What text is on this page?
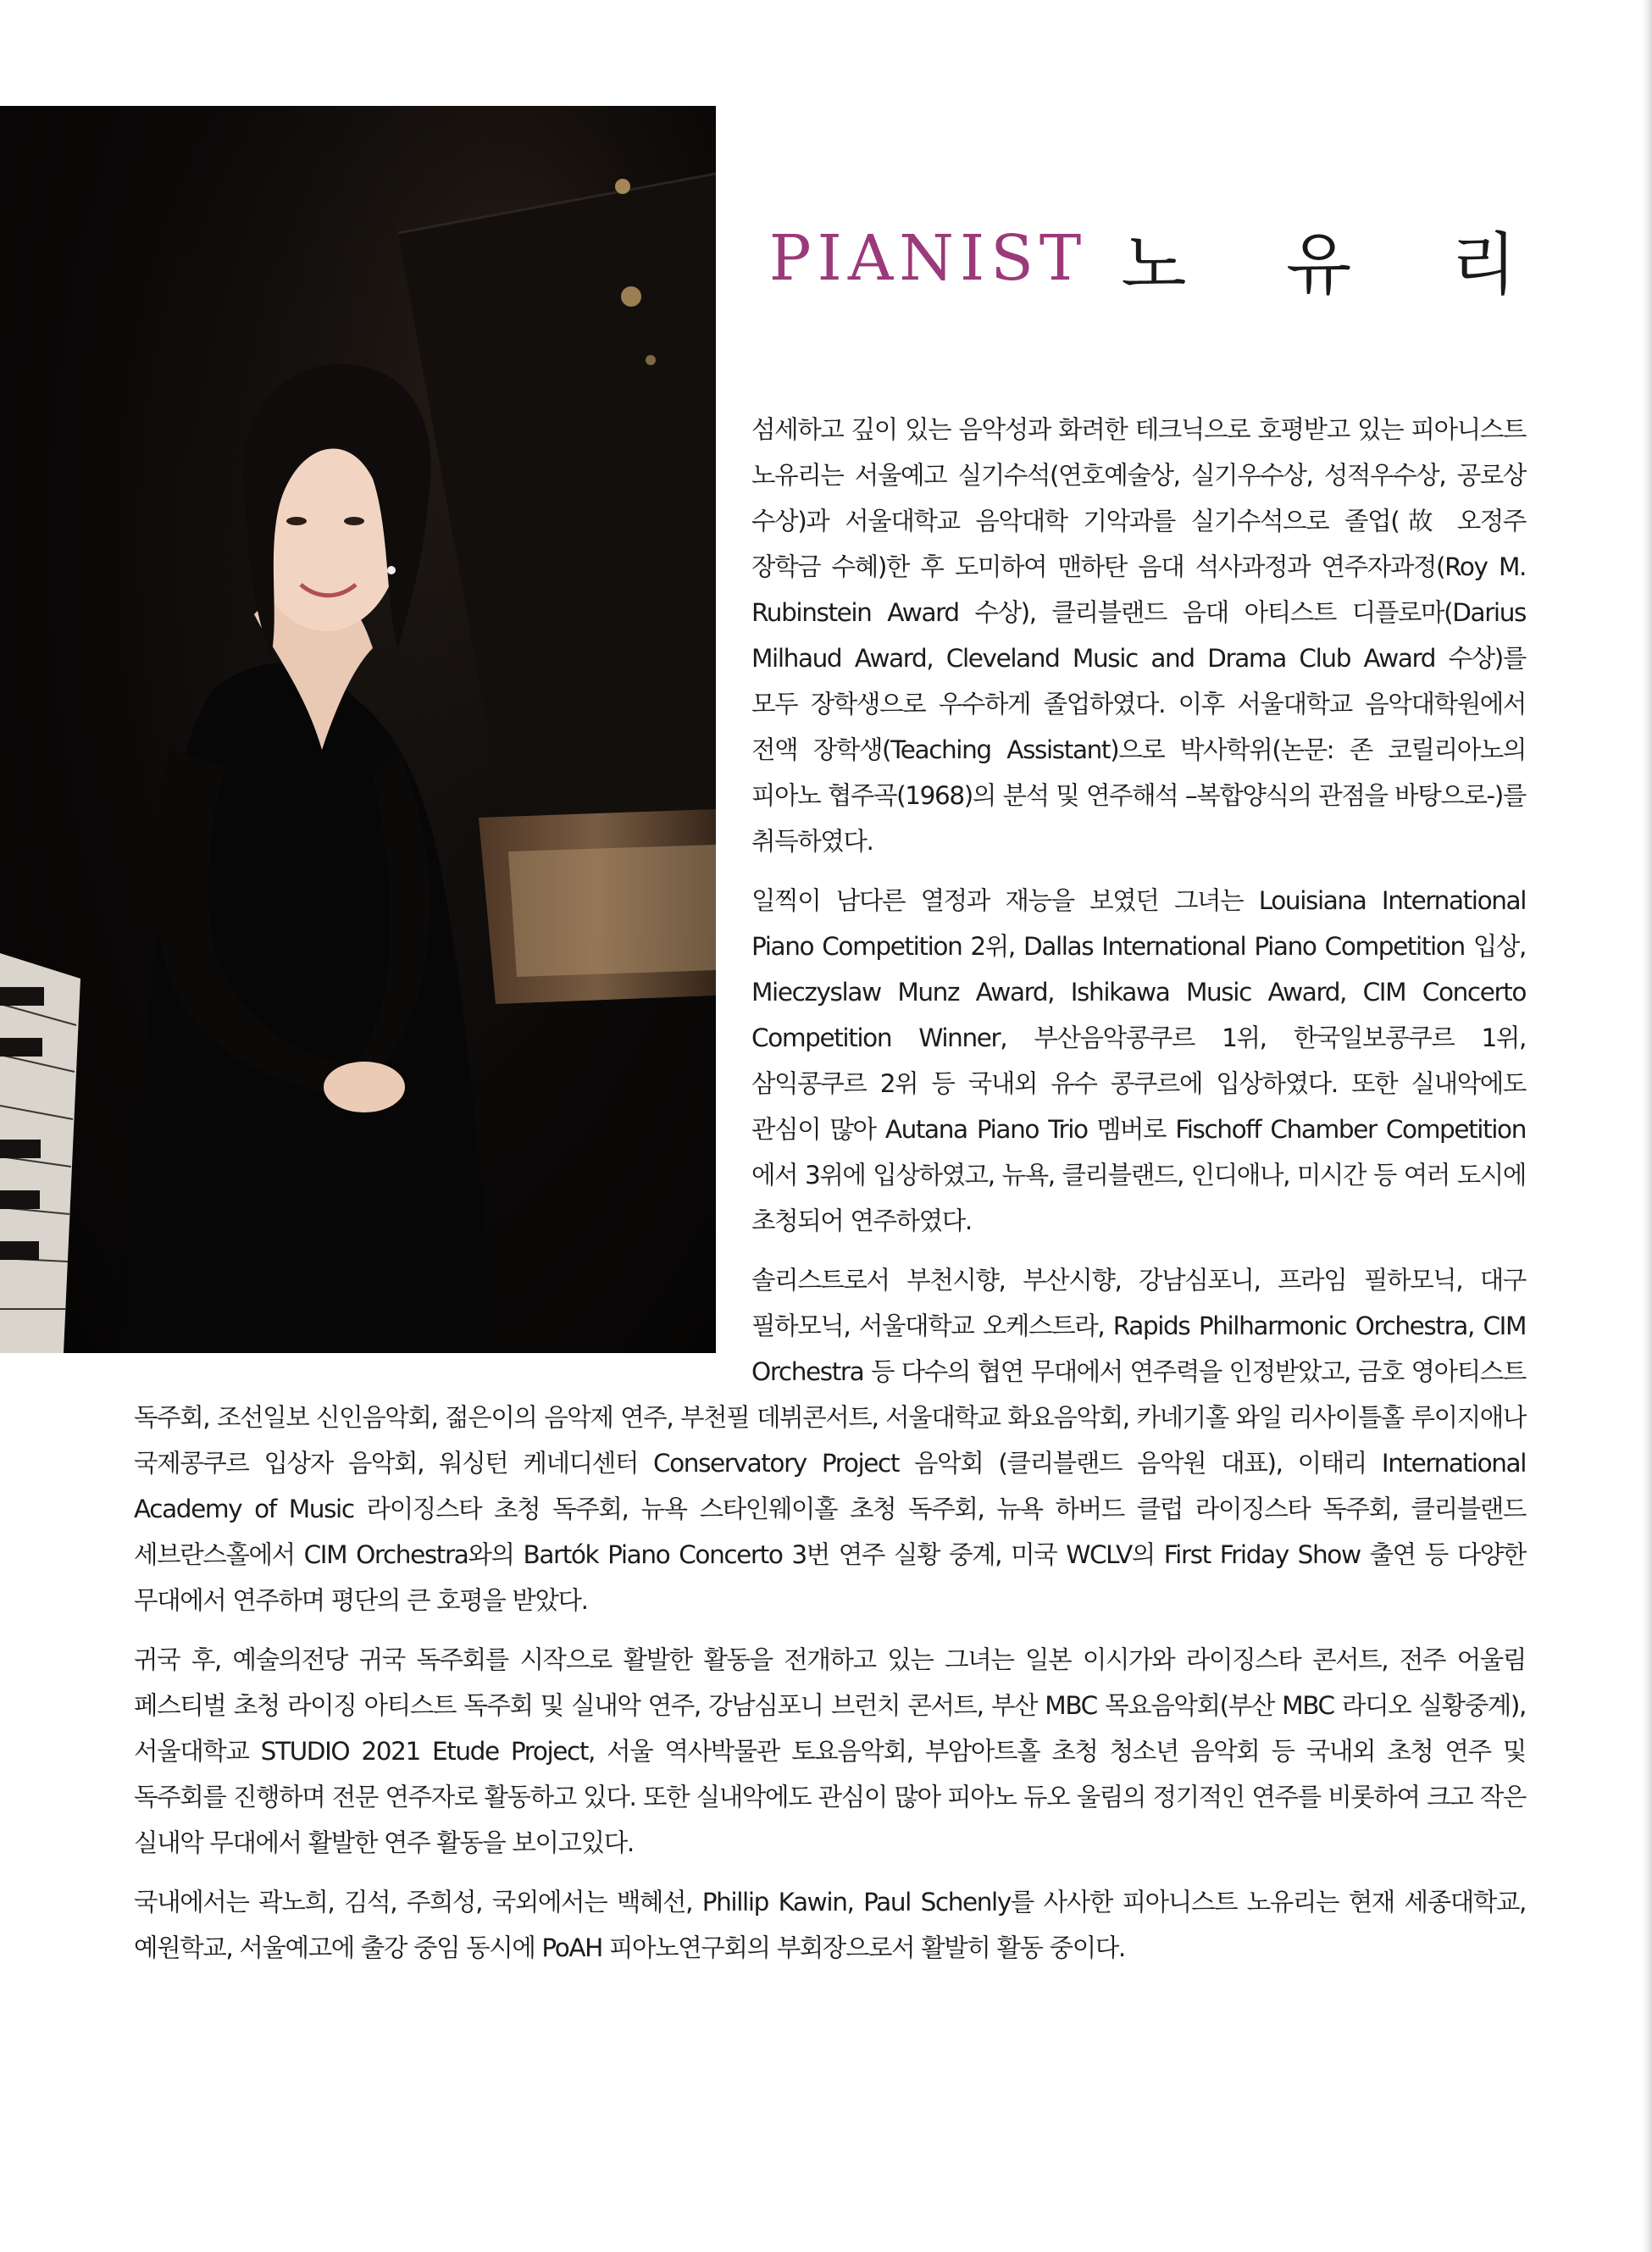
PIANIST 노 유 리

섬세하고 깊이 있는 음악성과 화려한 테크닉으로 호평받고 있는 피아니스트 노유리는 서울예고 실기수석(연호예술상, 실기우수상, 성적우수상, 공로상 수상)과 서울대학교 음악대학 기악과를 실기수석으로 졸업(故 오정주 장학금 수혜)한 후 도미하여 맨하탄 음대 석사과정과 연주자과정(Roy M. Rubinstein Award 수상), 클리블랜드 음대 아티스트 디플로마(Darius Milhaud Award, Cleveland Music and Drama Club Award 수상)를 모두 장학생으로 우수하게 졸업하였다. 이후 서울대학교 음악대학원에서 전액 장학생(Teaching Assistant)으로 박사학위(논문: 존 코릴리아노의 피아노 협주곡(1968)의 분석 및 연주해석 –복합양식의 관점을 바탕으로-)를 취득하였다.

일찍이 남다른 열정과 재능을 보였던 그녀는 Louisiana International Piano Competition 2위, Dallas International Piano Competition 입상, Mieczyslaw Munz Award, Ishikawa Music Award, CIM Concerto Competition Winner, 부산음악콩쿠르 1위, 한국일보콩쿠르 1위, 삼익콩쿠르 2위 등 국내외 유수 콩쿠르에 입상하였다. 또한 실내악에도 관심이 많아 Autana Piano Trio 멤버로 Fischoff Chamber Competition 에서 3위에 입상하였고, 뉴욕, 클리블랜드, 인디애나, 미시간 등 여러 도시에 초청되어 연주하였다.

솔리스트로서 부천시향, 부산시향, 강남심포니, 프라임 필하모닉, 대구 필하모닉, 서울대학교 오케스트라, Rapids Philharmonic Orchestra, CIM Orchestra 등 다수의 협연 무대에서 연주력을 인정받았고, 금호 영아티스트 독주회, 조선일보 신인음악회, 젊은이의 음악제 연주, 부천필 데뷔콘서트, 서울대학교 화요음악회, 카네기홀 와일 리사이틀홀 루이지애나 국제콩쿠르 입상자 음악회, 워싱턴 케네디센터 Conservatory Project 음악회 (클리블랜드 음악원 대표), 이태리 International Academy of Music 라이징스타 초청 독주회, 뉴욕 스타인웨이홀 초청 독주회, 뉴욕 하버드 클럽 라이징스타 독주회, 클리블랜드 세브란스홀에서 CIM Orchestra와의 Bartók Piano Concerto 3번 연주 실황 중계, 미국 WCLV의 First Friday Show 출연 등 다양한 무대에서 연주하며 평단의 큰 호평을 받았다.

귀국 후, 예술의전당 귀국 독주회를 시작으로 활발한 활동을 전개하고 있는 그녀는 일본 이시가와 라이징스타 콘서트, 전주 어울림 페스티벌 초청 라이징 아티스트 독주회 및 실내악 연주, 강남심포니 브런치 콘서트, 부산 MBC 목요음악회(부산 MBC 라디오 실황중계), 서울대학교 STUDIO 2021 Etude Project, 서울 역사박물관 토요음악회, 부암아트홀 초청 청소년 음악회 등 국내외 초청 연주 및 독주회를 진행하며 전문 연주자로 활동하고 있다. 또한 실내악에도 관심이 많아 피아노 듀오 울림의 정기적인 연주를 비롯하여 크고 작은 실내악 무대에서 활발한 연주 활동을 보이고있다.

국내에서는 곽노희, 김석, 주희성, 국외에서는 백혜선, Phillip Kawin, Paul Schenly를 사사한 피아니스트 노유리는 현재 세종대학교, 예원학교, 서울예고에 출강 중임 동시에 PoAH 피아노연구회의 부회장으로서 활발히 활동 중이다.
